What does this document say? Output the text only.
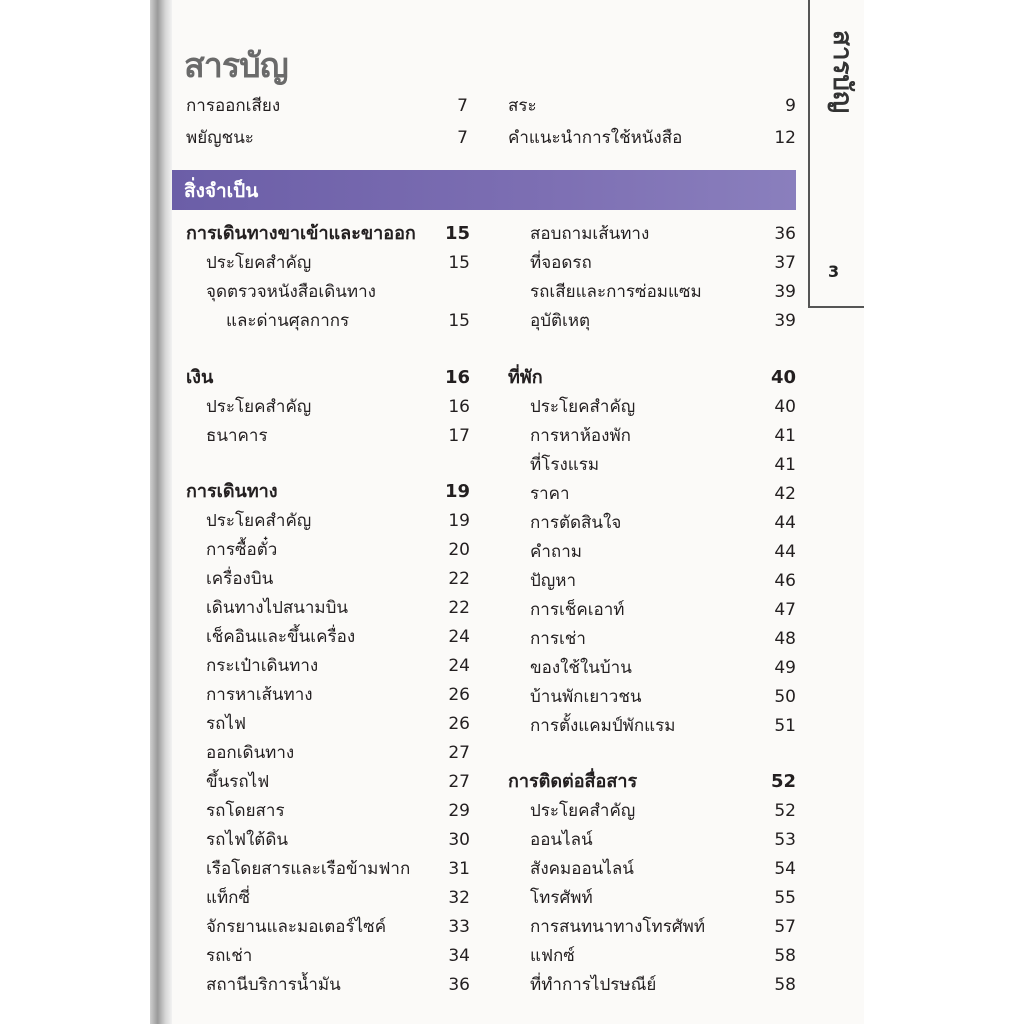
สารบัญ	สารบัญ
3
สิ่งจำเป็น
การออกเสียง	7
พยัญชนะ	7
สระ	9
คำแนะนำการใช้หนังสือ	12
การเดินทางขาเข้าและขาออก 15
ประโยคสำคัญ	15
จุดตรวจหนังสือเดินทาง
และด่านศุลกากร	15
เงิน	16
ประโยคสำคัญ	16
ธนาคาร	17
การเดินทาง	19
ประโยคสำคัญ	19
การซื้อตั๋ว	20
เครื่องบิน	22
เดินทางไปสนามบิน	22
เช็คอินและขึ้นเครื่อง	24
กระเป๋าเดินทาง	24
การหาเส้นทาง	26
รถไฟ	26
ออกเดินทาง	27
ขึ้นรถไฟ	27
รถโดยสาร	29
รถไฟใต้ดิน	30
เรือโดยสารและเรือข้ามฟาก 31
แท็กซี่	32
จักรยานและมอเตอร์ไซค์	33
รถเช่า	34
สถานีบริการน้ำมัน	36
สอบถามเส้นทาง	36
ที่จอดรถ	37
รถเสียและการซ่อมแซม	39
อุบัติเหตุ	39
ที่พัก	40
ประโยคสำคัญ	40
การหาห้องพัก	41
ที่โรงแรม	41
ราคา	42
การตัดสินใจ	44
คำถาม	44
ปัญหา	46
การเช็คเอาท์	47
การเช่า	48
ของใช้ในบ้าน	49
บ้านพักเยาวชน	50
การตั้งแคมป์พักแรม	51
การติดต่อสื่อสาร	52
ประโยคสำคัญ	52
ออนไลน์	53
สังคมออนไลน์	54
โทรศัพท์	55
การสนทนาทางโทรศัพท์	57
แฟกซ์	58
ที่ทำการไปรษณีย์	58
